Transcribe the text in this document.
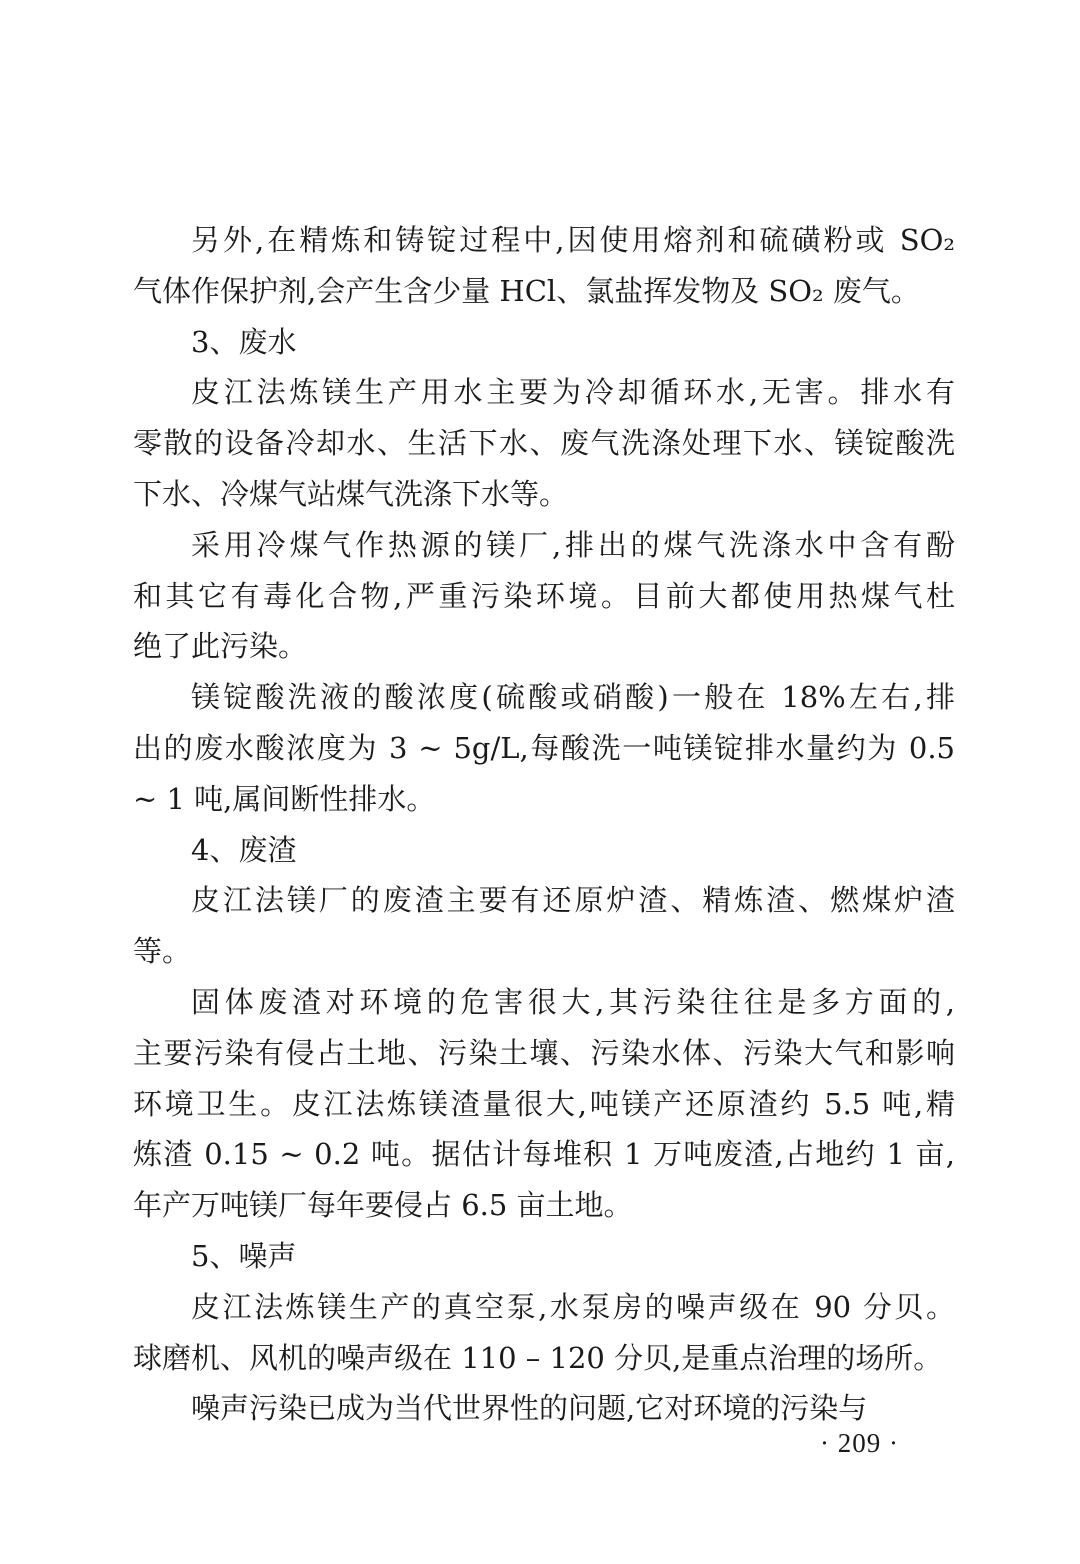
另外,在精炼和铸锭过程中,因使用熔剂和硫磺粉或 SO₂
气体作保护剂,会产生含少量 HCl、氯盐挥发物及 SO₂ 废气。
3、废水
皮江法炼镁生产用水主要为冷却循环水,无害。排水有
零散的设备冷却水、生活下水、废气洗涤处理下水、镁锭酸洗
下水、冷煤气站煤气洗涤下水等。
采用冷煤气作热源的镁厂,排出的煤气洗涤水中含有酚
和其它有毒化合物,严重污染环境。目前大都使用热煤气杜
绝了此污染。
镁锭酸洗液的酸浓度(硫酸或硝酸)一般在 18%左右,排
出的废水酸浓度为 3 ~ 5g/L,每酸洗一吨镁锭排水量约为 0.5
~ 1 吨,属间断性排水。
4、废渣
皮江法镁厂的废渣主要有还原炉渣、精炼渣、燃煤炉渣
等。
固体废渣对环境的危害很大,其污染往往是多方面的,
主要污染有侵占土地、污染土壤、污染水体、污染大气和影响
环境卫生。皮江法炼镁渣量很大,吨镁产还原渣约 5.5 吨,精
炼渣 0.15 ~ 0.2 吨。据估计每堆积 1 万吨废渣,占地约 1 亩,
年产万吨镁厂每年要侵占 6.5 亩土地。
5、噪声
皮江法炼镁生产的真空泵,水泵房的噪声级在 90 分贝。
球磨机、风机的噪声级在 110 – 120 分贝,是重点治理的场所。
噪声污染已成为当代世界性的问题,它对环境的污染与
· 209 ·
